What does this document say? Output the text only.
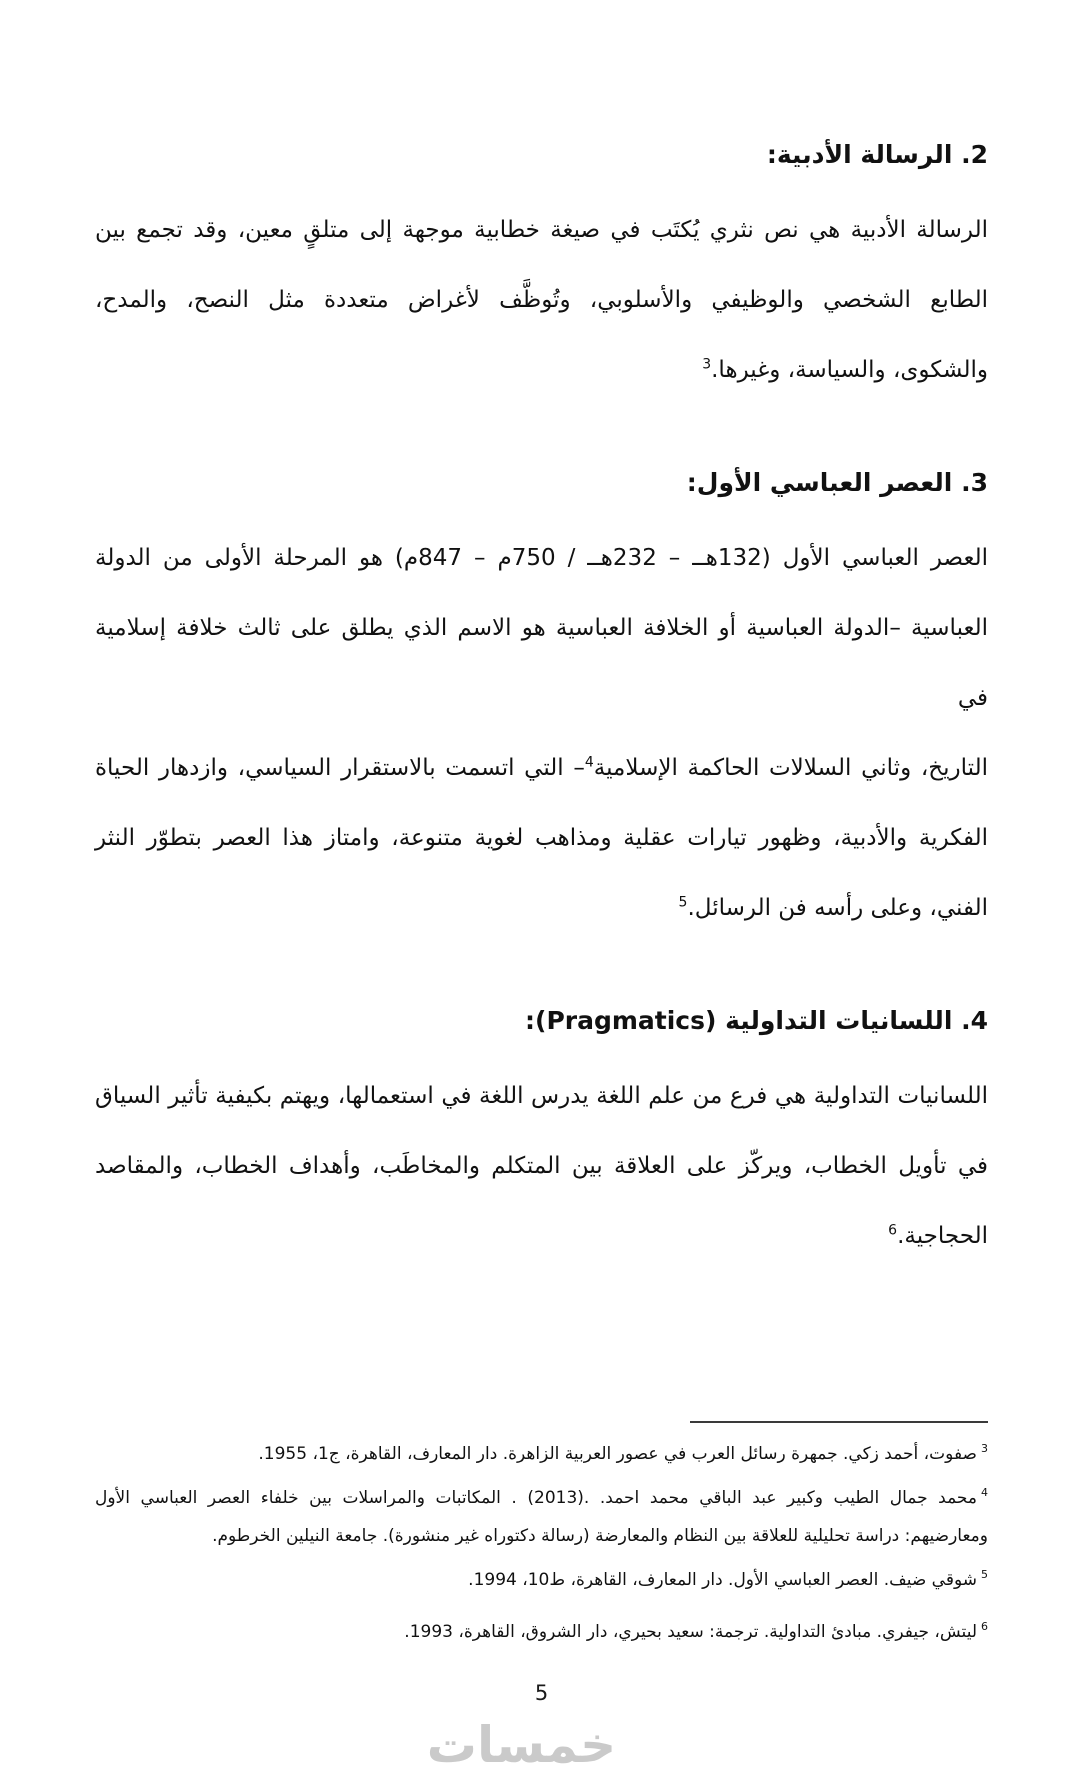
2. الرسالة الأدبية:
الرسالة الأدبية هي نص نثري يُكتَب في صيغة خطابية موجهة إلى متلقٍ معين، وقد تجمع بين
الطابع الشخصي والوظيفي والأسلوبي، وتُوظَّف لأغراض متعددة مثل النصح، والمدح،
والشكوى، والسياسة، وغيرها.$^3$
3. العصر العباسي الأول:
العصر العباسي الأول (132هــ – 232هــ / 750م – 847م) هو المرحلة الأولى من الدولة
العباسية –الدولة العباسية أو الخلافة العباسية هو الاسم الذي يطلق على ثالث خلافة إسلامية في
التاريخ، وثاني السلالات الحاكمة الإسلامية$^4$– التي اتسمت بالاستقرار السياسي، وازدهار الحياة
الفكرية والأدبية، وظهور تيارات عقلية ومذاهب لغوية متنوعة، وامتاز هذا العصر بتطوّر النثر
الفني، وعلى رأسه فن الرسائل.$^5$
4. اللسانيات التداولية (Pragmatics):
اللسانيات التداولية هي فرع من علم اللغة يدرس اللغة في استعمالها، ويهتم بكيفية تأثير السياق
في تأويل الخطاب، ويركّز على العلاقة بين المتكلم والمخاطَب، وأهداف الخطاب، والمقاصد
الحجاجية.$^6$
$^3$صفوت، أحمد زكي. جمهرة رسائل العرب في عصور العربية الزاهرة. دار المعارف، القاهرة، ج1، 1955.
$^4$محمد جمال الطيب وكبير عبد الباقي محمد احمد. .(2013) . المكاتبات والمراسلات بين خلفاء العصر العباسي الأول ومعارضيهم: دراسة تحليلية للعلاقة بين النظام والمعارضة (رسالة دكتوراه غير منشورة). جامعة النيلين الخرطوم.
$^5$شوقي ضيف. العصر العباسي الأول. دار المعارف، القاهرة، ط10، 1994.
$^6$ليتش، جيفري. مبادئ التداولية. ترجمة: سعيد بحيري، دار الشروق، القاهرة، 1993.
5
خمسات
